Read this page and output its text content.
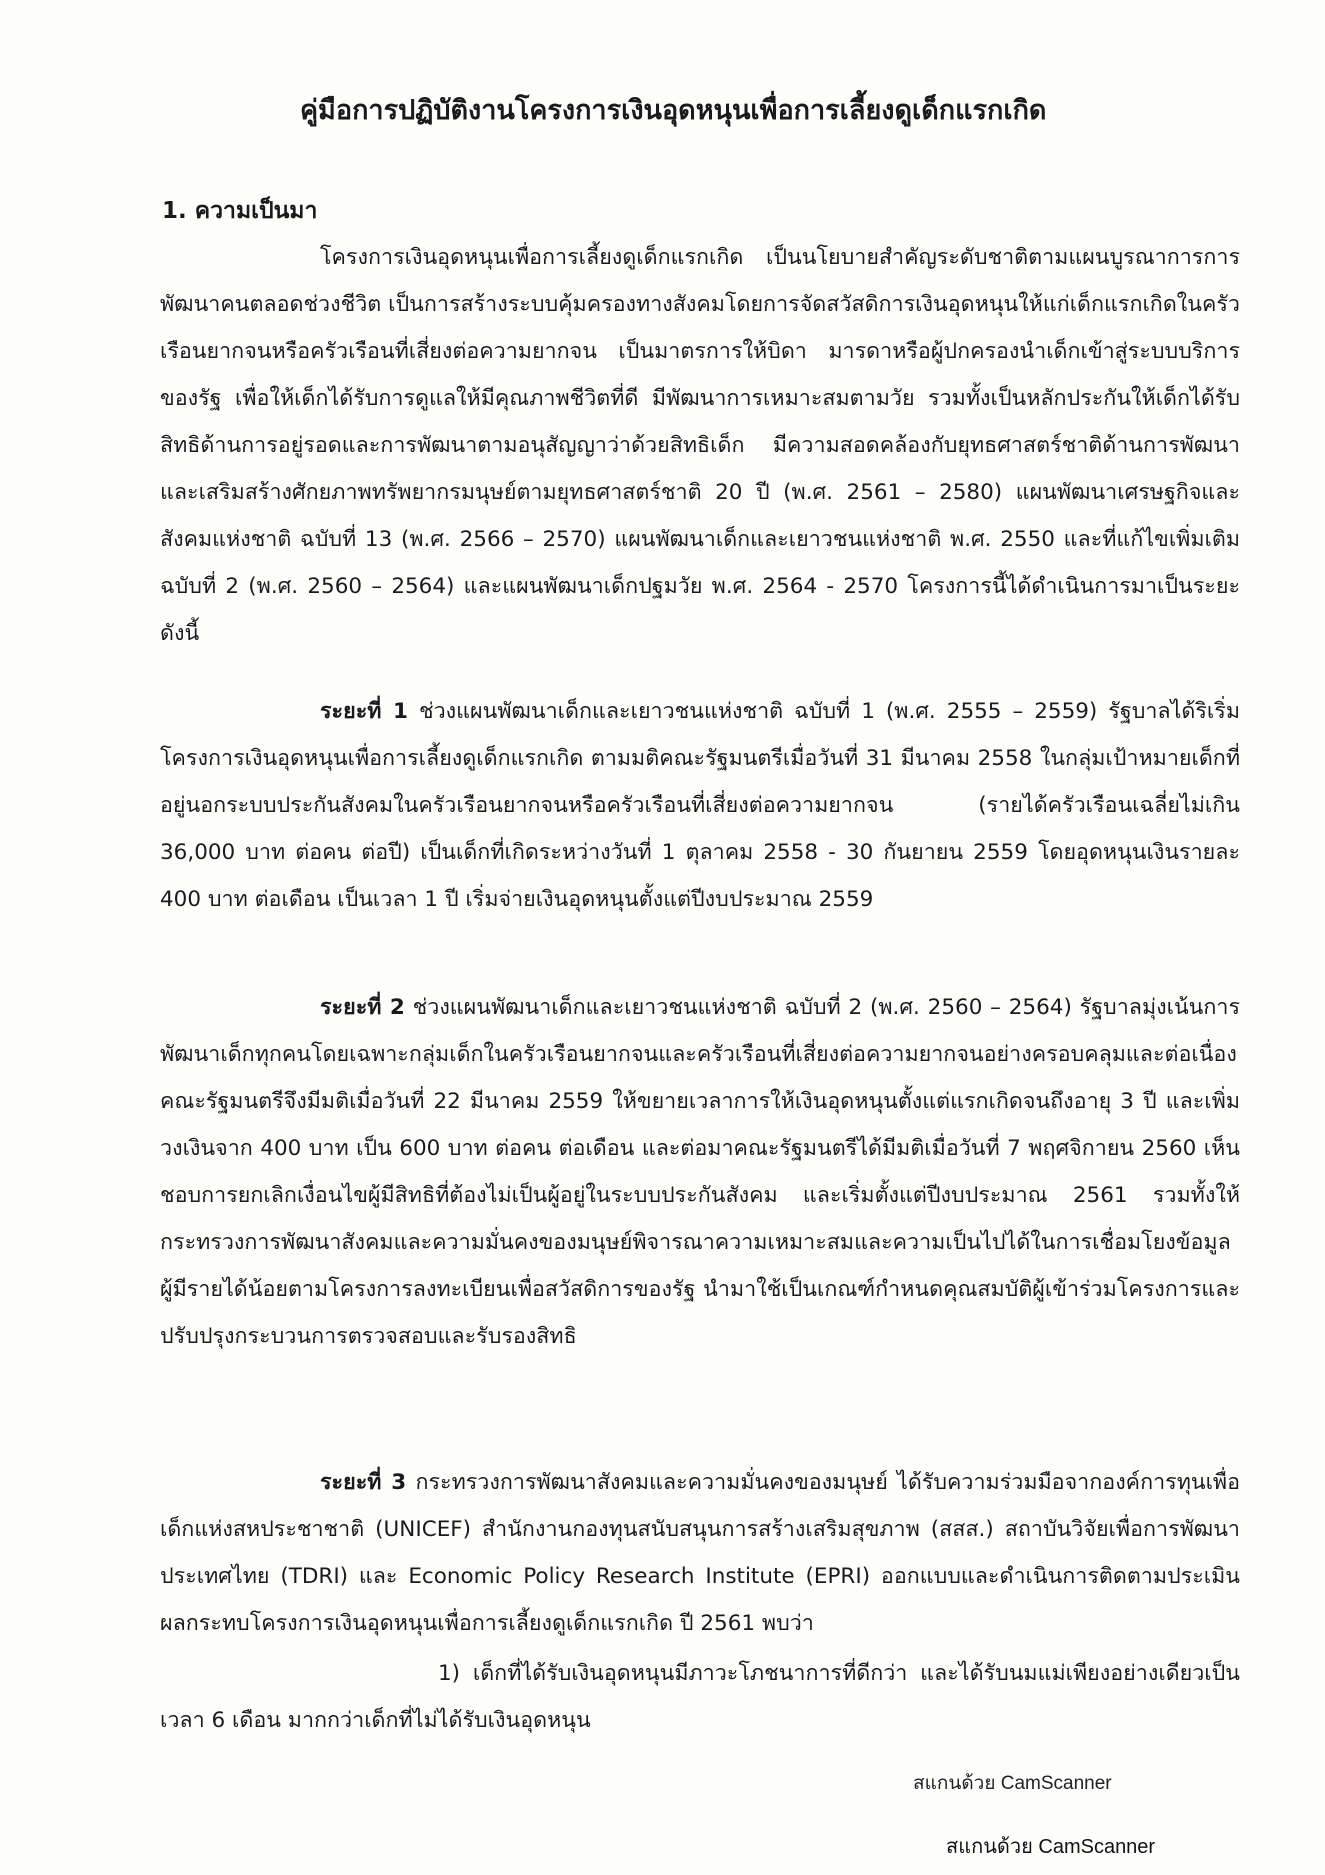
คู่มือการปฏิบัติงานโครงการเงินอุดหนุนเพื่อการเลี้ยงดูเด็กแรกเกิด
1. ความเป็นมา
โครงการเงินอุดหนุนเพื่อการเลี้ยงดูเด็กแรกเกิด เป็นนโยบายสำคัญระดับชาติตามแผนบูรณาการการพัฒนาคนตลอดช่วงชีวิต เป็นการสร้างระบบคุ้มครองทางสังคมโดยการจัดสวัสดิการเงินอุดหนุนให้แก่เด็กแรกเกิดในครัวเรือนยากจนหรือครัวเรือนที่เสี่ยงต่อความยากจน เป็นมาตรการให้บิดา มารดาหรือผู้ปกครองนำเด็กเข้าสู่ระบบบริการของรัฐ เพื่อให้เด็กได้รับการดูแลให้มีคุณภาพชีวิตที่ดี มีพัฒนาการเหมาะสมตามวัย รวมทั้งเป็นหลักประกันให้เด็กได้รับสิทธิด้านการอยู่รอดและการพัฒนาตามอนุสัญญาว่าด้วยสิทธิเด็ก มีความสอดคล้องกับยุทธศาสตร์ชาติด้านการพัฒนาและเสริมสร้างศักยภาพทรัพยากรมนุษย์ตามยุทธศาสตร์ชาติ 20 ปี (พ.ศ. 2561 – 2580) แผนพัฒนาเศรษฐกิจและสังคมแห่งชาติ ฉบับที่ 13 (พ.ศ. 2566 – 2570) แผนพัฒนาเด็กและเยาวชนแห่งชาติ พ.ศ. 2550 และที่แก้ไขเพิ่มเติม ฉบับที่ 2 (พ.ศ. 2560 – 2564) และแผนพัฒนาเด็กปฐมวัย พ.ศ. 2564 - 2570 โครงการนี้ได้ดำเนินการมาเป็นระยะ ดังนี้
ระยะที่ 1 ช่วงแผนพัฒนาเด็กและเยาวชนแห่งชาติ ฉบับที่ 1 (พ.ศ. 2555 – 2559) รัฐบาลได้ริเริ่มโครงการเงินอุดหนุนเพื่อการเลี้ยงดูเด็กแรกเกิด ตามมติคณะรัฐมนตรีเมื่อวันที่ 31 มีนาคม 2558 ในกลุ่มเป้าหมายเด็กที่อยู่นอกระบบประกันสังคมในครัวเรือนยากจนหรือครัวเรือนที่เสี่ยงต่อความยากจน (รายได้ครัวเรือนเฉลี่ยไม่เกิน 36,000 บาท ต่อคน ต่อปี) เป็นเด็กที่เกิดระหว่างวันที่ 1 ตุลาคม 2558 - 30 กันยายน 2559 โดยอุดหนุนเงินรายละ 400 บาท ต่อเดือน เป็นเวลา 1 ปี เริ่มจ่ายเงินอุดหนุนตั้งแต่ปีงบประมาณ 2559
ระยะที่ 2 ช่วงแผนพัฒนาเด็กและเยาวชนแห่งชาติ ฉบับที่ 2 (พ.ศ. 2560 – 2564) รัฐบาลมุ่งเน้นการพัฒนาเด็กทุกคนโดยเฉพาะกลุ่มเด็กในครัวเรือนยากจนและครัวเรือนที่เสี่ยงต่อความยากจนอย่างครอบคลุมและต่อเนื่อง คณะรัฐมนตรีจึงมีมติเมื่อวันที่ 22 มีนาคม 2559 ให้ขยายเวลาการให้เงินอุดหนุนตั้งแต่แรกเกิดจนถึงอายุ 3 ปี และเพิ่มวงเงินจาก 400 บาท เป็น 600 บาท ต่อคน ต่อเดือน และต่อมาคณะรัฐมนตรีได้มีมติเมื่อวันที่ 7 พฤศจิกายน 2560 เห็นชอบการยกเลิกเงื่อนไขผู้มีสิทธิที่ต้องไม่เป็นผู้อยู่ในระบบประกันสังคม และเริ่มตั้งแต่ปีงบประมาณ 2561 รวมทั้งให้กระทรวงการพัฒนาสังคมและความมั่นคงของมนุษย์พิจารณาความเหมาะสมและความเป็นไปได้ในการเชื่อมโยงข้อมูลผู้มีรายได้น้อยตามโครงการลงทะเบียนเพื่อสวัสดิการของรัฐ นำมาใช้เป็นเกณฑ์กำหนดคุณสมบัติผู้เข้าร่วมโครงการและปรับปรุงกระบวนการตรวจสอบและรับรองสิทธิ
ระยะที่ 3 กระทรวงการพัฒนาสังคมและความมั่นคงของมนุษย์ ได้รับความร่วมมือจากองค์การทุนเพื่อเด็กแห่งสหประชาชาติ (UNICEF) สำนักงานกองทุนสนับสนุนการสร้างเสริมสุขภาพ (สสส.) สถาบันวิจัยเพื่อการพัฒนาประเทศไทย (TDRI) และ Economic Policy Research Institute (EPRI) ออกแบบและดำเนินการติดตามประเมินผลกระทบโครงการเงินอุดหนุนเพื่อการเลี้ยงดูเด็กแรกเกิด ปี 2561 พบว่า
1) เด็กที่ได้รับเงินอุดหนุนมีภาวะโภชนาการที่ดีกว่า และได้รับนมแม่เพียงอย่างเดียวเป็นเวลา 6 เดือน มากกว่าเด็กที่ไม่ได้รับเงินอุดหนุน
สแกนด้วย CamScanner
สแกนด้วย CamScanner
